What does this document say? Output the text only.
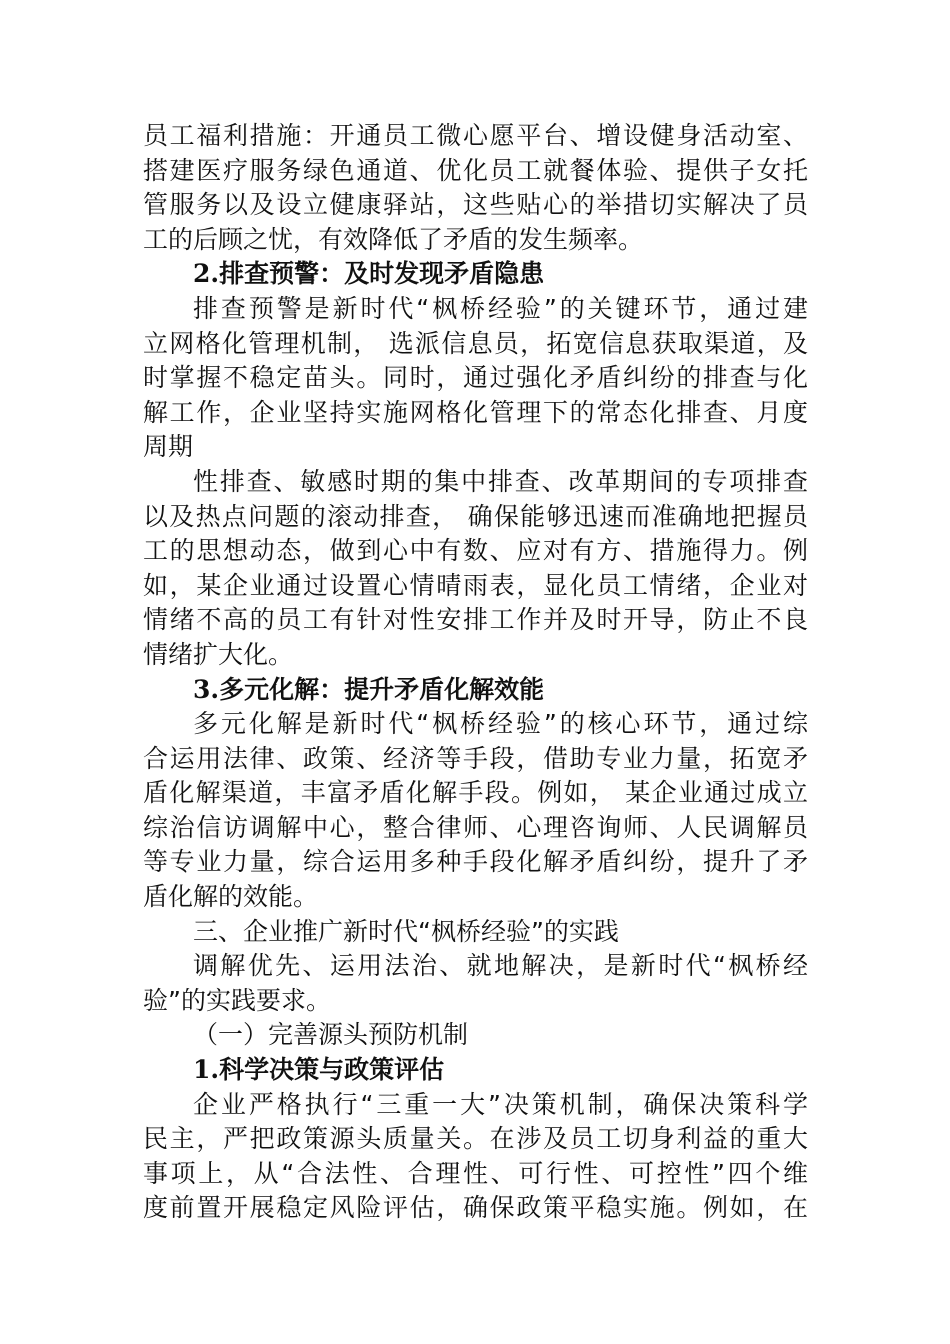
员工福利措施：开通员工微心愿平台、增设健身活动室、
搭建医疗服务绿色通道、优化员工就餐体验、提供子女托
管服务以及设立健康驿站，这些贴心的举措切实解决了员
工的后顾之忧，有效降低了矛盾的发生频率。
2.排查预警：及时发现矛盾隐患
排查预警是新时代“枫桥经验”的关键环节，通过建
立网格化管理机制， 选派信息员，拓宽信息获取渠道，及
时掌握不稳定苗头。同时，通过强化矛盾纠纷的排查与化
解工作，企业坚持实施网格化管理下的常态化排查、月度
周期
性排查、敏感时期的集中排查、改革期间的专项排查
以及热点问题的滚动排查， 确保能够迅速而准确地把握员
工的思想动态，做到心中有数、应对有方、措施得力。例
如，某企业通过设置心情晴雨表，显化员工情绪，企业对
情绪不高的员工有针对性安排工作并及时开导，防止不良
情绪扩大化。
3.多元化解：提升矛盾化解效能
多元化解是新时代“枫桥经验”的核心环节，通过综
合运用法律、政策、经济等手段，借助专业力量，拓宽矛
盾化解渠道，丰富矛盾化解手段。例如， 某企业通过成立
综治信访调解中心，整合律师、心理咨询师、人民调解员
等专业力量，综合运用多种手段化解矛盾纠纷，提升了矛
盾化解的效能。
三、企业推广新时代“枫桥经验”的实践
调解优先、运用法治、就地解决，是新时代“枫桥经
验”的实践要求。
（一）完善源头预防机制
1.科学决策与政策评估
企业严格执行“三重一大”决策机制，确保决策科学
民主，严把政策源头质量关。在涉及员工切身利益的重大
事项上，从“合法性、合理性、可行性、可控性”四个维
度前置开展稳定风险评估，确保政策平稳实施。例如，在
